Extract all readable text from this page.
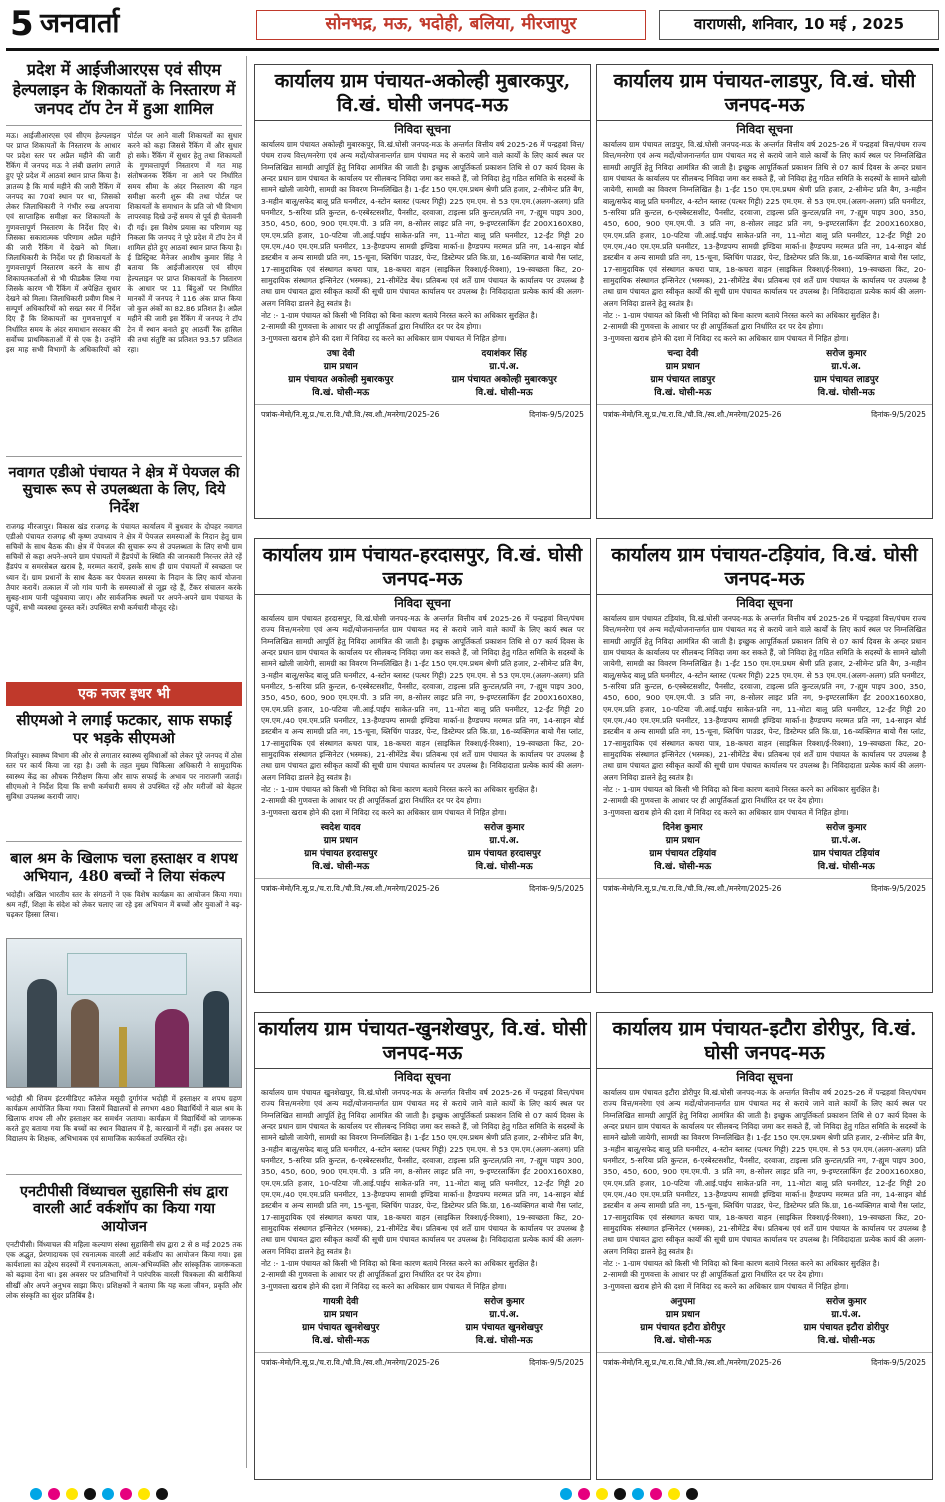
5 जनवार्ता	सोनभद्र, मऊ, भदोही, बलिया, मीरजापुर	वाराणसी, शनिवार, 10 मई , 2025
प्रदेश में आईजीआरएस एवं सीएम हेल्पलाइन के शिकायतों के निस्तारण में जनपद टॉप टेन में हुआ शामिल
मऊ। आईजीआरएस एवं सीएम हेल्पलाइन पर प्राप्त शिकायतों के निस्तारण के आधार पर प्रदेश स्तर पर अप्रैल महीने की जारी रैंकिंग में जनपद मऊ ने लंबी छलांग लगाते हुए पूरे प्रदेश में आठवां स्थान प्राप्त किया है। ज्ञातव्य है कि मार्च महीने की जारी रैंकिंग में जनपद का 70वां स्थान पर था, जिसको लेकर जिलाधिकारी ने गंभीर रुख अपनाया एवं साप्ताहिक समीक्षा कर शिकायतों के गुणवत्तापूर्ण निस्तारण के निर्देश दिए थे। जिसका सकारात्मक परिणाम अप्रैल महीने की जारी रैंकिंग में देखने को मिला। जिलाधिकारी के निर्देश पर ही शिकायतों के गुणवत्तापूर्ण निस्तारण करने के साथ ही शिकायतकर्ताओं से भी फीडबैक लिया गया जिसके कारण भी रैंकिंग में अपेक्षित सुधार देखने को मिला। जिलाधिकारी प्रवीण मिश्र ने सम्पूर्ण अधिकारियों को सख्त स्वर में निर्देश दिए हैं कि शिकायतों का गुणवत्तापूर्ण व निर्धारित समय के अंदर समाधान सरकार की सर्वोच्च प्राथमिकताओं में से एक है। उन्होंने इस माह सभी विभागों के अधिकारियों को पोर्टल पर आने वाली शिकायतों का सुधार करने को कहा जिससे रैंकिंग में और सुधार हो सके। रैंकिंग में सुधार हेतु तथा शिकायतों के गुणवत्तापूर्ण निस्तारण में गत माह संतोषजनक रैंकिंग ना आने पर निर्धारित समय सीमा के अंदर निस्तारण की गहन समीक्षा करनी शुरू की तथा पोर्टल पर शिकायतों के समाधान के प्रति जो भी विभाग लापरवाह दिखे उन्हें समय से पूर्व ही चेतावनी दी गई। इस विशेष प्रयास का परिणाम यह निकला कि जनपद ने पूरे प्रदेश में टॉप टेन में शामिल होते हुए आठवां स्थान प्राप्त किया है। ई डिस्ट्रिक्ट मैनेजर आशीष कुमार सिंह ने बताया कि आईजीआरएस एवं सीएम हेल्पलाइन पर प्राप्त शिकायतों के निस्तारण के आधार पर 11 बिंदुओं पर निर्धारित मानकों में जनपद ने 116 अंक प्राप्त किया जो कुल अंकों का 82.86 प्रतिशत है। अप्रैल महीने की जारी इस रैंकिंग में जनपद ने टॉप टेन में स्थान बनाते हुए आठवीं रैंक हासिल की तथा संतुष्टि का प्रतिशत 93.57 प्रतिशत रहा।
नवागत एडीओ पंचायत ने क्षेत्र में पेयजल की सुचारू रूप से उपलब्धता के लिए, दिये निर्देश
राजगढ़ मीरजापुर। विकास खंड राजगढ़ के पंचायत कार्यालय में बुधवार के दोपहर नवागत एडीओ पंचायत राजगढ़ श्री कृष्ण उपाध्याय ने क्षेत्र में पेयजल समस्याओं के निदान हेतु ग्राम सचिवों के साथ बैठक की। क्षेत्र में पेयजल की सुचारू रूप से उपलब्धता के लिए सभी ग्राम सचिवों से कहा अपने-अपने ग्राम पंचायतों में हैंडपंपों के स्थिति की जानकारी निरन्तर लेते रहें हैंडपंप व समरसेबल खराब है, मरम्मत करायें, इसके साथ ही ग्राम पंचायतों में स्वच्छता पर ध्यान दें। ग्राम प्रधानों के साथ बैठक कर पेयजल समस्या के निदान के लिए कार्य योजना तैयार करायें। तत्काल में जो गांव पानी के समस्याओं से जूझ रहे हैं, टैंकर संचालन करके सुबह-शाम पानी पहुंचवाया जाए। और सार्वजनिक स्थलों पर अपने-अपने ग्राम पंचायत के पहुंचें, सभी व्यवस्था दुरुस्त करें। उपस्थित सभी कर्मचारी मौजूद रहे।
एक नजर इधर भी
सीएमओ ने लगाई फटकार, साफ सफाई पर भड़के सीएमओ
मिर्जापुर। स्वास्थ्य विभाग की ओर से लगातार स्वास्थ्य सुविधाओं को लेकर पूरे जनपद में ठोस स्तर पर कार्य किया जा रहा है। उसी के तहत मुख्य चिकित्सा अधिकारी ने सामुदायिक स्वास्थ्य केंद्र का औचक निरीक्षण किया और साफ सफाई के अभाव पर नाराजगी जताई। सीएमओ ने निर्देश दिया कि सभी कर्मचारी समय से उपस्थित रहें और मरीजों को बेहतर सुविधा उपलब्ध करायी जाए।
बाल श्रम के खिलाफ चला हस्ताक्षर व शपथ अभियान, 480 बच्चों ने लिया संकल्प
भदोही। अखिल भारतीय स्तर के संगठनों ने एक विशेष कार्यक्रम का आयोजन किया गया। श्रम नहीं, शिक्षा के संदेश को लेकर चलाए जा रहे इस अभियान में बच्चों और युवाओं ने बढ़-चढ़कर हिस्सा लिया।
भदोही श्री शिवम इंटरमीडिएट कॉलेज मसूदी दुर्गागंज भदोही में हस्ताक्षर व शपथ ग्रहण कार्यक्रम आयोजित किया गया। जिसमें विद्यालयों से लगभग 480 विद्यार्थियों ने बाल श्रम के खिलाफ शपथ ली और हस्ताक्षर कर समर्थन जताया। कार्यक्रम में विद्यार्थियों को जागरूक करते हुए बताया गया कि बच्चों का स्थान विद्यालय में है, कारखानों में नहीं। इस अवसर पर विद्यालय के शिक्षक, अभिभावक एवं सामाजिक कार्यकर्ता उपस्थित रहे।
एनटीपीसी विंध्याचल सुहासिनी संघ द्वारा वारली आर्ट वर्कशॉप का किया गया आयोजन
एनटीपीसी। विंध्याचल की महिला कल्याण संस्था सुहासिनी संघ द्वारा 2 से 8 मई 2025 तक एक अद्भुत, प्रेरणादायक एवं रचनात्मक वारली आर्ट वर्कशॉप का आयोजन किया गया। इस कार्यशाला का उद्देश्य सदस्यों में रचनात्मकता, आत्म-अभिव्यक्ति और सांस्कृतिक जागरूकता को बढ़ावा देना था। इस अवसर पर प्रतिभागियों ने पारंपरिक वारली चित्रकला की बारीकियां सीखीं और अपने अनुभव साझा किए। प्रशिक्षकों ने बताया कि यह कला जीवन, प्रकृति और लोक संस्कृति का सुंदर प्रतिबिंब है।
कार्यालय ग्राम पंचायत-अकोल्ही मुबारकपुर, वि.खं. घोसी जनपद-मऊ
निविदा सूचना
कार्यालय ग्राम पंचायत अकोल्ही मुबारकपुर, वि.खं.घोसी जनपद-मऊ के अन्तर्गत वित्तीय वर्ष 2025-26 में पन्द्रहवां वित्त/पंचम राज्य वित्त/मनरेगा एवं अन्य मदों/योजनान्तर्गत ग्राम पंचायत मद से कराये जाने वाले कार्यों के लिए कार्य स्थल पर निम्नलिखित सामग्री आपूर्ति हेतु निविदा आमंत्रित की जाती है। इच्छुक आपूर्तिकर्ता प्रकाशन तिथि से 07 कार्य दिवस के अन्दर प्रधान ग्राम पंचायत के कार्यालय पर सीलबन्द निविदा जमा कर सकते हैं, जो निविदा हेतु गठित समिति के सदस्यों के सामने खोली जायेगी, सामग्री का विवरण निम्नलिखित है। 1-ईंट 150 एम.एम.प्रथम श्रेणी प्रति हजार, 2-सीमेन्ट प्रति बैग, 3-महीन बालू/सफेद बालू प्रति घनमीटर, 4-स्टोन ब्लास्ट (पत्थर गिट्टी) 225 एम.एम. से 53 एम.एम.(अलग-अलग) प्रति घनमीटर, 5-सरिया प्रति कुन्टल, 6-एस्बेस्टसशीट, पैनसीट, दरवाजा, टाइल्स प्रति कुन्टल/प्रति नग, 7-ह्यूम पाइप 300, 350, 450, 600, 900 एम.एम.पी. 3 प्रति नग, 8-सोलर लाइट प्रति नग, 9-इण्टरलाकिंग ईंट 200X160X80, एम.एम.प्रति हजार, 10-पटिया जी.आई.पाईप साकेत-प्रति नग, 11-मोटा बालू प्रति घनमीटर, 12-ईंट गिट्टी 20 एम.एम./40 एम.एम.प्रति घनमीटर, 13-हैण्डपम्प सामग्री इण्डिया मार्का-II हैण्डपम्प मरम्मत प्रति नग, 14-साइन बोर्ड डस्टबीन व अन्य सामग्री प्रति नग, 15-चूना, ब्लिचिंग पाउडर, पेन्ट, डिस्टेम्पर प्रति कि.ग्रा, 16-व्यक्तिगत बायो गैस प्लांट, 17-सामुदायिक एवं संस्थागत कचरा पात्र, 18-कचरा वाहन (साइकिल रिक्शा/ई-रिक्शा), 19-स्वच्छता किट, 20-सामुदायिक संस्थागत इन्सिनेटर (भस्मक), 21-सीमेंटेड बेंच। प्रतिबन्ध एवं शर्तें ग्राम पंचायत के कार्यालय पर उपलब्ध है तथा ग्राम पंचायत द्वारा स्वीकृत कार्यों की सूची ग्राम पंचायत कार्यालय पर उपलब्ध है। निविदादाता प्रत्येक कार्य की अलग-अलग निविदा डालने हेतु स्वतंत्र है।
नोट :- 1-ग्राम पंचायत को किसी भी निविदा को बिना कारण बताये निरस्त करने का अधिकार सुरक्षित है।
2-सामग्री की गुणवत्ता के आधार पर ही आपूर्तिकर्ता द्वारा निर्धारित दर पर देय होगा।
3-गुणवत्ता खराब होने की दशा में निविदा रद करने का अधिकार ग्राम पंचायत में निहित होगा।
उषा देवी
ग्राम प्रधान
ग्राम पंचायत अकोल्ही मुबारकपुर
वि.खं. घोसी-मऊ
दयाशंकर सिंह
ग्रा.पं.अ.
ग्राम पंचायत अकोल्ही मुबारकपुर
वि.खं. घोसी-मऊ
पत्रांक-मेमो/नि.सू.प्र./च.रा.वि./चौ.वि./स्व.शौ./मनरेगा/2025-26	दिनांक-9/5/2025
कार्यालय ग्राम पंचायत-लाडपुर, वि.खं. घोसी जनपद-मऊ
निविदा सूचना
कार्यालय ग्राम पंचायत लाडपुर, वि.खं.घोसी जनपद-मऊ के अन्तर्गत वित्तीय वर्ष 2025-26 में पन्द्रहवां वित्त/पंचम राज्य वित्त/मनरेगा एवं अन्य मदों/योजनान्तर्गत ग्राम पंचायत मद से कराये जाने वाले कार्यों के लिए कार्य स्थल पर निम्नलिखित सामग्री आपूर्ति हेतु निविदा आमंत्रित की जाती है। इच्छुक आपूर्तिकर्ता प्रकाशन तिथि से 07 कार्य दिवस के अन्दर प्रधान ग्राम पंचायत के कार्यालय पर सीलबन्द निविदा जमा कर सकते हैं, जो निविदा हेतु गठित समिति के सदस्यों के सामने खोली जायेगी, सामग्री का विवरण निम्नलिखित है। 1-ईंट 150 एम.एम.प्रथम श्रेणी प्रति हजार, 2-सीमेन्ट प्रति बैग, 3-महीन बालू/सफेद बालू प्रति घनमीटर, 4-स्टोन ब्लास्ट (पत्थर गिट्टी) 225 एम.एम. से 53 एम.एम.(अलग-अलग) प्रति घनमीटर, 5-सरिया प्रति कुन्टल, 6-एस्बेस्टसशीट, पैनसीट, दरवाजा, टाइल्स प्रति कुन्टल/प्रति नग, 7-ह्यूम पाइप 300, 350, 450, 600, 900 एम.एम.पी. 3 प्रति नग, 8-सोलर लाइट प्रति नग, 9-इण्टरलाकिंग ईंट 200X160X80, एम.एम.प्रति हजार, 10-पटिया जी.आई.पाईप साकेत-प्रति नग, 11-मोटा बालू प्रति घनमीटर, 12-ईंट गिट्टी 20 एम.एम./40 एम.एम.प्रति घनमीटर, 13-हैण्डपम्प सामग्री इण्डिया मार्का-II हैण्डपम्प मरम्मत प्रति नग, 14-साइन बोर्ड डस्टबीन व अन्य सामग्री प्रति नग, 15-चूना, ब्लिचिंग पाउडर, पेन्ट, डिस्टेम्पर प्रति कि.ग्रा, 16-व्यक्तिगत बायो गैस प्लांट, 17-सामुदायिक एवं संस्थागत कचरा पात्र, 18-कचरा वाहन (साइकिल रिक्शा/ई-रिक्शा), 19-स्वच्छता किट, 20-सामुदायिक संस्थागत इन्सिनेटर (भस्मक), 21-सीमेंटेड बेंच। प्रतिबन्ध एवं शर्तें ग्राम पंचायत के कार्यालय पर उपलब्ध है तथा ग्राम पंचायत द्वारा स्वीकृत कार्यों की सूची ग्राम पंचायत कार्यालय पर उपलब्ध है। निविदादाता प्रत्येक कार्य की अलग-अलग निविदा डालने हेतु स्वतंत्र है।
नोट :- 1-ग्राम पंचायत को किसी भी निविदा को बिना कारण बताये निरस्त करने का अधिकार सुरक्षित है।
2-सामग्री की गुणवत्ता के आधार पर ही आपूर्तिकर्ता द्वारा निर्धारित दर पर देय होगा।
3-गुणवत्ता खराब होने की दशा में निविदा रद करने का अधिकार ग्राम पंचायत में निहित होगा।
चन्दा देवी
ग्राम प्रधान
ग्राम पंचायत लाडपुर
वि.खं. घोसी-मऊ
सरोज कुमार
ग्रा.पं.अ.
ग्राम पंचायत लाडपुर
वि.खं. घोसी-मऊ
पत्रांक-मेमो/नि.सू.प्र./च.रा.वि./चौ.वि./स्व.शौ./मनरेगा/2025-26	दिनांक-9/5/2025
कार्यालय ग्राम पंचायत-हरदासपुर, वि.खं. घोसी जनपद-मऊ
निविदा सूचना
कार्यालय ग्राम पंचायत हरदासपुर, वि.खं.घोसी जनपद-मऊ के अन्तर्गत वित्तीय वर्ष 2025-26 में पन्द्रहवां वित्त/पंचम राज्य वित्त/मनरेगा एवं अन्य मदों/योजनान्तर्गत ग्राम पंचायत मद से कराये जाने वाले कार्यों के लिए कार्य स्थल पर निम्नलिखित सामग्री आपूर्ति हेतु निविदा आमंत्रित की जाती है। इच्छुक आपूर्तिकर्ता प्रकाशन तिथि से 07 कार्य दिवस के अन्दर प्रधान ग्राम पंचायत के कार्यालय पर सीलबन्द निविदा जमा कर सकते हैं, जो निविदा हेतु गठित समिति के सदस्यों के सामने खोली जायेगी, सामग्री का विवरण निम्नलिखित है। 1-ईंट 150 एम.एम.प्रथम श्रेणी प्रति हजार, 2-सीमेन्ट प्रति बैग, 3-महीन बालू/सफेद बालू प्रति घनमीटर, 4-स्टोन ब्लास्ट (पत्थर गिट्टी) 225 एम.एम. से 53 एम.एम.(अलग-अलग) प्रति घनमीटर, 5-सरिया प्रति कुन्टल, 6-एस्बेस्टसशीट, पैनसीट, दरवाजा, टाइल्स प्रति कुन्टल/प्रति नग, 7-ह्यूम पाइप 300, 350, 450, 600, 900 एम.एम.पी. 3 प्रति नग, 8-सोलर लाइट प्रति नग, 9-इण्टरलाकिंग ईंट 200X160X80, एम.एम.प्रति हजार, 10-पटिया जी.आई.पाईप साकेत-प्रति नग, 11-मोटा बालू प्रति घनमीटर, 12-ईंट गिट्टी 20 एम.एम./40 एम.एम.प्रति घनमीटर, 13-हैण्डपम्प सामग्री इण्डिया मार्का-II हैण्डपम्प मरम्मत प्रति नग, 14-साइन बोर्ड डस्टबीन व अन्य सामग्री प्रति नग, 15-चूना, ब्लिचिंग पाउडर, पेन्ट, डिस्टेम्पर प्रति कि.ग्रा, 16-व्यक्तिगत बायो गैस प्लांट, 17-सामुदायिक एवं संस्थागत कचरा पात्र, 18-कचरा वाहन (साइकिल रिक्शा/ई-रिक्शा), 19-स्वच्छता किट, 20-सामुदायिक संस्थागत इन्सिनेटर (भस्मक), 21-सीमेंटेड बेंच। प्रतिबन्ध एवं शर्तें ग्राम पंचायत के कार्यालय पर उपलब्ध है तथा ग्राम पंचायत द्वारा स्वीकृत कार्यों की सूची ग्राम पंचायत कार्यालय पर उपलब्ध है। निविदादाता प्रत्येक कार्य की अलग-अलग निविदा डालने हेतु स्वतंत्र है।
नोट :- 1-ग्राम पंचायत को किसी भी निविदा को बिना कारण बताये निरस्त करने का अधिकार सुरक्षित है।
2-सामग्री की गुणवत्ता के आधार पर ही आपूर्तिकर्ता द्वारा निर्धारित दर पर देय होगा।
3-गुणवत्ता खराब होने की दशा में निविदा रद करने का अधिकार ग्राम पंचायत में निहित होगा।
स्वदेश यादव
ग्राम प्रधान
ग्राम पंचायत हरदासपुर
वि.खं. घोसी-मऊ
सरोज कुमार
ग्रा.पं.अ.
ग्राम पंचायत हरदासपुर
वि.खं. घोसी-मऊ
पत्रांक-मेमो/नि.सू.प्र./च.रा.वि./चौ.वि./स्व.शौ./मनरेगा/2025-26	दिनांक-9/5/2025
कार्यालय ग्राम पंचायत-टड़ियांव, वि.खं. घोसी जनपद-मऊ
निविदा सूचना
कार्यालय ग्राम पंचायत टड़ियांव, वि.खं.घोसी जनपद-मऊ के अन्तर्गत वित्तीय वर्ष 2025-26 में पन्द्रहवां वित्त/पंचम राज्य वित्त/मनरेगा एवं अन्य मदों/योजनान्तर्गत ग्राम पंचायत मद से कराये जाने वाले कार्यों के लिए कार्य स्थल पर निम्नलिखित सामग्री आपूर्ति हेतु निविदा आमंत्रित की जाती है। इच्छुक आपूर्तिकर्ता प्रकाशन तिथि से 07 कार्य दिवस के अन्दर प्रधान ग्राम पंचायत के कार्यालय पर सीलबन्द निविदा जमा कर सकते हैं, जो निविदा हेतु गठित समिति के सदस्यों के सामने खोली जायेगी, सामग्री का विवरण निम्नलिखित है। 1-ईंट 150 एम.एम.प्रथम श्रेणी प्रति हजार, 2-सीमेन्ट प्रति बैग, 3-महीन बालू/सफेद बालू प्रति घनमीटर, 4-स्टोन ब्लास्ट (पत्थर गिट्टी) 225 एम.एम. से 53 एम.एम.(अलग-अलग) प्रति घनमीटर, 5-सरिया प्रति कुन्टल, 6-एस्बेस्टसशीट, पैनसीट, दरवाजा, टाइल्स प्रति कुन्टल/प्रति नग, 7-ह्यूम पाइप 300, 350, 450, 600, 900 एम.एम.पी. 3 प्रति नग, 8-सोलर लाइट प्रति नग, 9-इण्टरलाकिंग ईंट 200X160X80, एम.एम.प्रति हजार, 10-पटिया जी.आई.पाईप साकेत-प्रति नग, 11-मोटा बालू प्रति घनमीटर, 12-ईंट गिट्टी 20 एम.एम./40 एम.एम.प्रति घनमीटर, 13-हैण्डपम्प सामग्री इण्डिया मार्का-II हैण्डपम्प मरम्मत प्रति नग, 14-साइन बोर्ड डस्टबीन व अन्य सामग्री प्रति नग, 15-चूना, ब्लिचिंग पाउडर, पेन्ट, डिस्टेम्पर प्रति कि.ग्रा, 16-व्यक्तिगत बायो गैस प्लांट, 17-सामुदायिक एवं संस्थागत कचरा पात्र, 18-कचरा वाहन (साइकिल रिक्शा/ई-रिक्शा), 19-स्वच्छता किट, 20-सामुदायिक संस्थागत इन्सिनेटर (भस्मक), 21-सीमेंटेड बेंच। प्रतिबन्ध एवं शर्तें ग्राम पंचायत के कार्यालय पर उपलब्ध है तथा ग्राम पंचायत द्वारा स्वीकृत कार्यों की सूची ग्राम पंचायत कार्यालय पर उपलब्ध है। निविदादाता प्रत्येक कार्य की अलग-अलग निविदा डालने हेतु स्वतंत्र है।
नोट :- 1-ग्राम पंचायत को किसी भी निविदा को बिना कारण बताये निरस्त करने का अधिकार सुरक्षित है।
2-सामग्री की गुणवत्ता के आधार पर ही आपूर्तिकर्ता द्वारा निर्धारित दर पर देय होगा।
3-गुणवत्ता खराब होने की दशा में निविदा रद करने का अधिकार ग्राम पंचायत में निहित होगा।
दिनेश कुमार
ग्राम प्रधान
ग्राम पंचायत टड़ियांव
वि.खं. घोसी-मऊ
सरोज कुमार
ग्रा.पं.अ.
ग्राम पंचायत टड़ियांव
वि.खं. घोसी-मऊ
पत्रांक-मेमो/नि.सू.प्र./च.रा.वि./चौ.वि./स्व.शौ./मनरेगा/2025-26	दिनांक-9/5/2025
कार्यालय ग्राम पंचायत-खुनशेखपुर, वि.खं. घोसी जनपद-मऊ
निविदा सूचना
कार्यालय ग्राम पंचायत खुनशेखपुर, वि.खं.घोसी जनपद-मऊ के अन्तर्गत वित्तीय वर्ष 2025-26 में पन्द्रहवां वित्त/पंचम राज्य वित्त/मनरेगा एवं अन्य मदों/योजनान्तर्गत ग्राम पंचायत मद से कराये जाने वाले कार्यों के लिए कार्य स्थल पर निम्नलिखित सामग्री आपूर्ति हेतु निविदा आमंत्रित की जाती है। इच्छुक आपूर्तिकर्ता प्रकाशन तिथि से 07 कार्य दिवस के अन्दर प्रधान ग्राम पंचायत के कार्यालय पर सीलबन्द निविदा जमा कर सकते हैं, जो निविदा हेतु गठित समिति के सदस्यों के सामने खोली जायेगी, सामग्री का विवरण निम्नलिखित है। 1-ईंट 150 एम.एम.प्रथम श्रेणी प्रति हजार, 2-सीमेन्ट प्रति बैग, 3-महीन बालू/सफेद बालू प्रति घनमीटर, 4-स्टोन ब्लास्ट (पत्थर गिट्टी) 225 एम.एम. से 53 एम.एम.(अलग-अलग) प्रति घनमीटर, 5-सरिया प्रति कुन्टल, 6-एस्बेस्टसशीट, पैनसीट, दरवाजा, टाइल्स प्रति कुन्टल/प्रति नग, 7-ह्यूम पाइप 300, 350, 450, 600, 900 एम.एम.पी. 3 प्रति नग, 8-सोलर लाइट प्रति नग, 9-इण्टरलाकिंग ईंट 200X160X80, एम.एम.प्रति हजार, 10-पटिया जी.आई.पाईप साकेत-प्रति नग, 11-मोटा बालू प्रति घनमीटर, 12-ईंट गिट्टी 20 एम.एम./40 एम.एम.प्रति घनमीटर, 13-हैण्डपम्प सामग्री इण्डिया मार्का-II हैण्डपम्प मरम्मत प्रति नग, 14-साइन बोर्ड डस्टबीन व अन्य सामग्री प्रति नग, 15-चूना, ब्लिचिंग पाउडर, पेन्ट, डिस्टेम्पर प्रति कि.ग्रा, 16-व्यक्तिगत बायो गैस प्लांट, 17-सामुदायिक एवं संस्थागत कचरा पात्र, 18-कचरा वाहन (साइकिल रिक्शा/ई-रिक्शा), 19-स्वच्छता किट, 20-सामुदायिक संस्थागत इन्सिनेटर (भस्मक), 21-सीमेंटेड बेंच। प्रतिबन्ध एवं शर्तें ग्राम पंचायत के कार्यालय पर उपलब्ध है तथा ग्राम पंचायत द्वारा स्वीकृत कार्यों की सूची ग्राम पंचायत कार्यालय पर उपलब्ध है। निविदादाता प्रत्येक कार्य की अलग-अलग निविदा डालने हेतु स्वतंत्र है।
नोट :- 1-ग्राम पंचायत को किसी भी निविदा को बिना कारण बताये निरस्त करने का अधिकार सुरक्षित है।
2-सामग्री की गुणवत्ता के आधार पर ही आपूर्तिकर्ता द्वारा निर्धारित दर पर देय होगा।
3-गुणवत्ता खराब होने की दशा में निविदा रद करने का अधिकार ग्राम पंचायत में निहित होगा।
गायत्री देवी
ग्राम प्रधान
ग्राम पंचायत खुनशेखपुर
वि.खं. घोसी-मऊ
सरोज कुमार
ग्रा.पं.अ.
ग्राम पंचायत खुनशेखपुर
वि.खं. घोसी-मऊ
पत्रांक-मेमो/नि.सू.प्र./च.रा.वि./चौ.वि./स्व.शौ./मनरेगा/2025-26	दिनांक-9/5/2025
कार्यालय ग्राम पंचायत-इटौरा डोरीपुर, वि.खं. घोसी जनपद-मऊ
निविदा सूचना
कार्यालय ग्राम पंचायत इटौरा डोरीपुर वि.खं.घोसी जनपद-मऊ के अन्तर्गत वित्तीय वर्ष 2025-26 में पन्द्रहवां वित्त/पंचम राज्य वित्त/मनरेगा एवं अन्य मदों/योजनान्तर्गत ग्राम पंचायत मद से कराये जाने वाले कार्यों के लिए कार्य स्थल पर निम्नलिखित सामग्री आपूर्ति हेतु निविदा आमंत्रित की जाती है। इच्छुक आपूर्तिकर्ता प्रकाशन तिथि से 07 कार्य दिवस के अन्दर प्रधान ग्राम पंचायत के कार्यालय पर सीलबन्द निविदा जमा कर सकते हैं, जो निविदा हेतु गठित समिति के सदस्यों के सामने खोली जायेगी, सामग्री का विवरण निम्नलिखित है। 1-ईंट 150 एम.एम.प्रथम श्रेणी प्रति हजार, 2-सीमेन्ट प्रति बैग, 3-महीन बालू/सफेद बालू प्रति घनमीटर, 4-स्टोन ब्लास्ट (पत्थर गिट्टी) 225 एम.एम. से 53 एम.एम.(अलग-अलग) प्रति घनमीटर, 5-सरिया प्रति कुन्टल, 6-एस्बेस्टसशीट, पैनसीट, दरवाजा, टाइल्स प्रति कुन्टल/प्रति नग, 7-ह्यूम पाइप 300, 350, 450, 600, 900 एम.एम.पी. 3 प्रति नग, 8-सोलर लाइट प्रति नग, 9-इण्टरलाकिंग ईंट 200X160X80, एम.एम.प्रति हजार, 10-पटिया जी.आई.पाईप साकेत-प्रति नग, 11-मोटा बालू प्रति घनमीटर, 12-ईंट गिट्टी 20 एम.एम./40 एम.एम.प्रति घनमीटर, 13-हैण्डपम्प सामग्री इण्डिया मार्का-II हैण्डपम्प मरम्मत प्रति नग, 14-साइन बोर्ड डस्टबीन व अन्य सामग्री प्रति नग, 15-चूना, ब्लिचिंग पाउडर, पेन्ट, डिस्टेम्पर प्रति कि.ग्रा, 16-व्यक्तिगत बायो गैस प्लांट, 17-सामुदायिक एवं संस्थागत कचरा पात्र, 18-कचरा वाहन (साइकिल रिक्शा/ई-रिक्शा), 19-स्वच्छता किट, 20-सामुदायिक संस्थागत इन्सिनेटर (भस्मक), 21-सीमेंटेड बेंच। प्रतिबन्ध एवं शर्तें ग्राम पंचायत के कार्यालय पर उपलब्ध है तथा ग्राम पंचायत द्वारा स्वीकृत कार्यों की सूची ग्राम पंचायत कार्यालय पर उपलब्ध है। निविदादाता प्रत्येक कार्य की अलग-अलग निविदा डालने हेतु स्वतंत्र है।
नोट :- 1-ग्राम पंचायत को किसी भी निविदा को बिना कारण बताये निरस्त करने का अधिकार सुरक्षित है।
2-सामग्री की गुणवत्ता के आधार पर ही आपूर्तिकर्ता द्वारा निर्धारित दर पर देय होगा।
3-गुणवत्ता खराब होने की दशा में निविदा रद करने का अधिकार ग्राम पंचायत में निहित होगा।
अनुपमा
ग्राम प्रधान
ग्राम पंचायत इटौरा डोरीपुर
वि.खं. घोसी-मऊ
सरोज कुमार
ग्रा.पं.अ.
ग्राम पंचायत इटौरा डोरीपुर
वि.खं. घोसी-मऊ
पत्रांक-मेमो/नि.सू.प्र./च.रा.वि./चौ.वि./स्व.शौ./मनरेगा/2025-26	दिनांक-9/5/2025
